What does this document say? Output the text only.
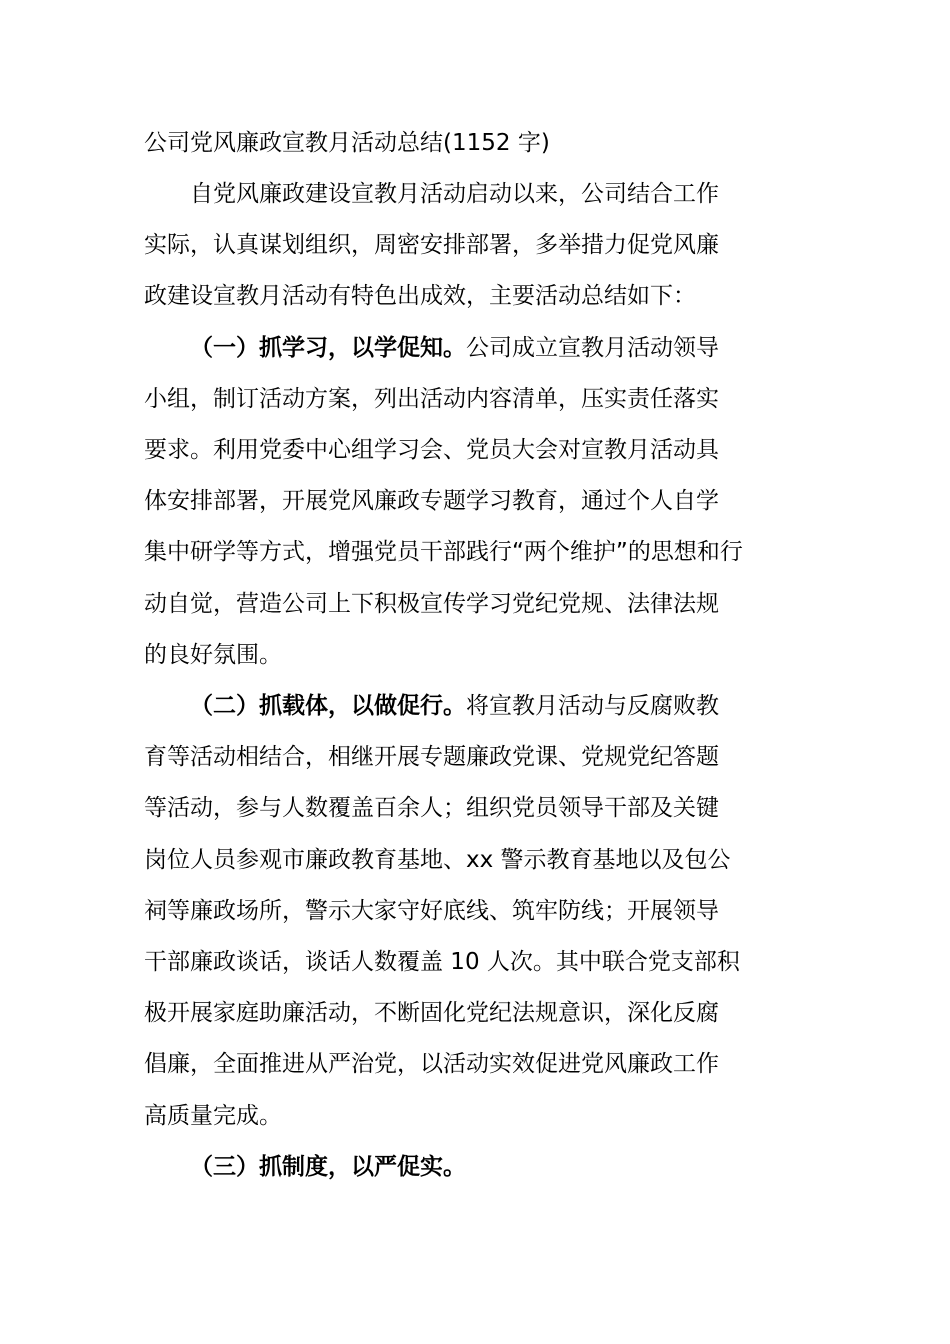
公司党风廉政宣教月活动总结(1152 字)

自党风廉政建设宣教月活动启动以来，公司结合工作
实际，认真谋划组织，周密安排部署，多举措力促党风廉
政建设宣教月活动有特色出成效，主要活动总结如下：

（一）抓学习，以学促知。公司成立宣教月活动领导
小组，制订活动方案，列出活动内容清单，压实责任落实
要求。利用党委中心组学习会、党员大会对宣教月活动具
体安排部署，开展党风廉政专题学习教育，通过个人自学
集中研学等方式，增强党员干部践行“两个维护”的思想和行
动自觉，营造公司上下积极宣传学习党纪党规、法律法规
的良好氛围。

（二）抓载体，以做促行。将宣教月活动与反腐败教
育等活动相结合，相继开展专题廉政党课、党规党纪答题
等活动，参与人数覆盖百余人；组织党员领导干部及关键
岗位人员参观市廉政教育基地、xx 警示教育基地以及包公
祠等廉政场所，警示大家守好底线、筑牢防线；开展领导
干部廉政谈话，谈话人数覆盖 10 人次。其中联合党支部积
极开展家庭助廉活动，不断固化党纪法规意识，深化反腐
倡廉，全面推进从严治党，以活动实效促进党风廉政工作
高质量完成。

（三）抓制度，以严促实。
